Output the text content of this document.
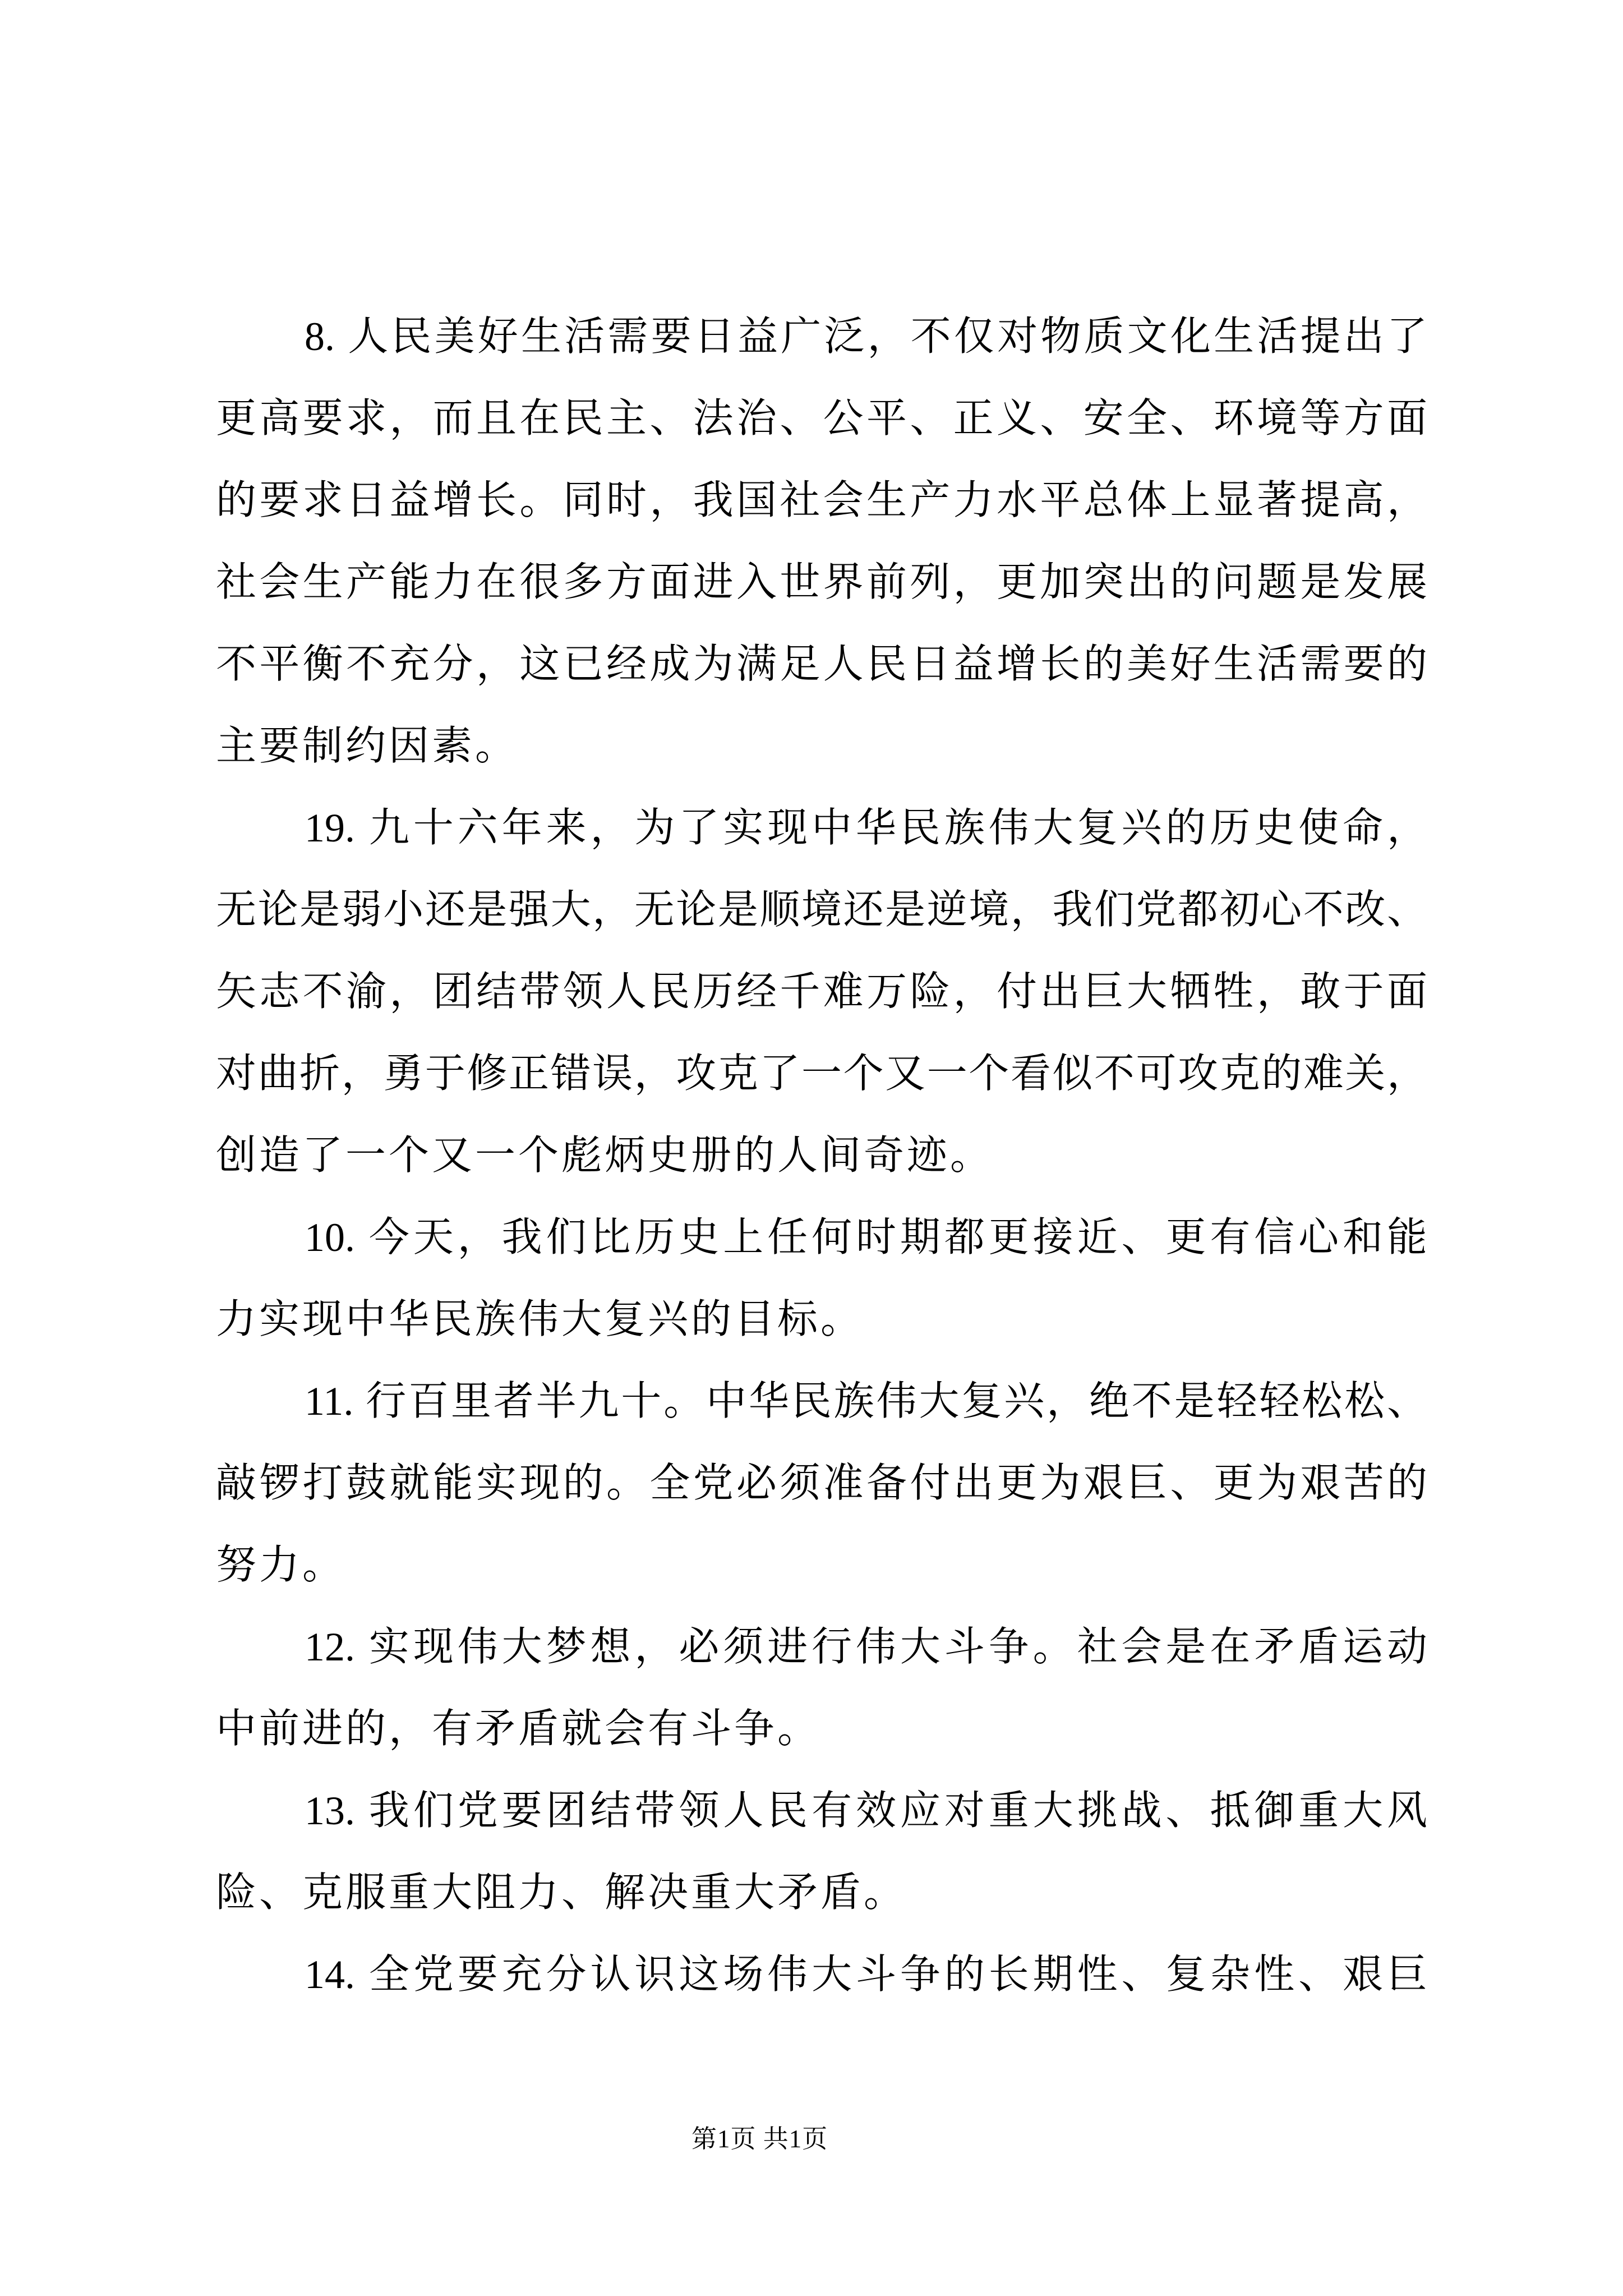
8. 人民美好生活需要日益广泛，不仅对物质文化生活提出了
更高要求，而且在民主、法治、公平、正义、安全、环境等方面
的要求日益增长。同时，我国社会生产力水平总体上显著提高，
社会生产能力在很多方面进入世界前列，更加突出的问题是发展
不平衡不充分，这已经成为满足人民日益增长的美好生活需要的
主要制约因素。
19. 九十六年来，为了实现中华民族伟大复兴的历史使命，
无论是弱小还是强大，无论是顺境还是逆境，我们党都初心不改、
矢志不渝，团结带领人民历经千难万险，付出巨大牺牲，敢于面
对曲折，勇于修正错误，攻克了一个又一个看似不可攻克的难关，
创造了一个又一个彪炳史册的人间奇迹。
10. 今天，我们比历史上任何时期都更接近、更有信心和能
力实现中华民族伟大复兴的目标。
11. 行百里者半九十。中华民族伟大复兴，绝不是轻轻松松、
敲锣打鼓就能实现的。全党必须准备付出更为艰巨、更为艰苦的
努力。
12. 实现伟大梦想，必须进行伟大斗争。社会是在矛盾运动
中前进的，有矛盾就会有斗争。
13. 我们党要团结带领人民有效应对重大挑战、抵御重大风
险、克服重大阻力、解决重大矛盾。
14. 全党要充分认识这场伟大斗争的长期性、复杂性、艰巨
第1页 共1页
